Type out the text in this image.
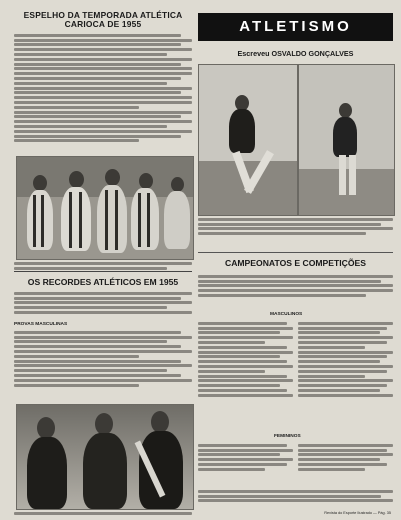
ESPELHO DA TEMPORADA ATLÉTICA
CARIOCA DE 1955
OS RECORDES ATLÉTICOS EM 1955
PROVAS MASCULINAS
ATLETISMO
Escreveu OSVALDO GONÇALVES
CAMPEONATOS E COMPETIÇÕES
MASCULINOS
FEMININOS
Revista do Esporte Ilustrado — Pág. 35
